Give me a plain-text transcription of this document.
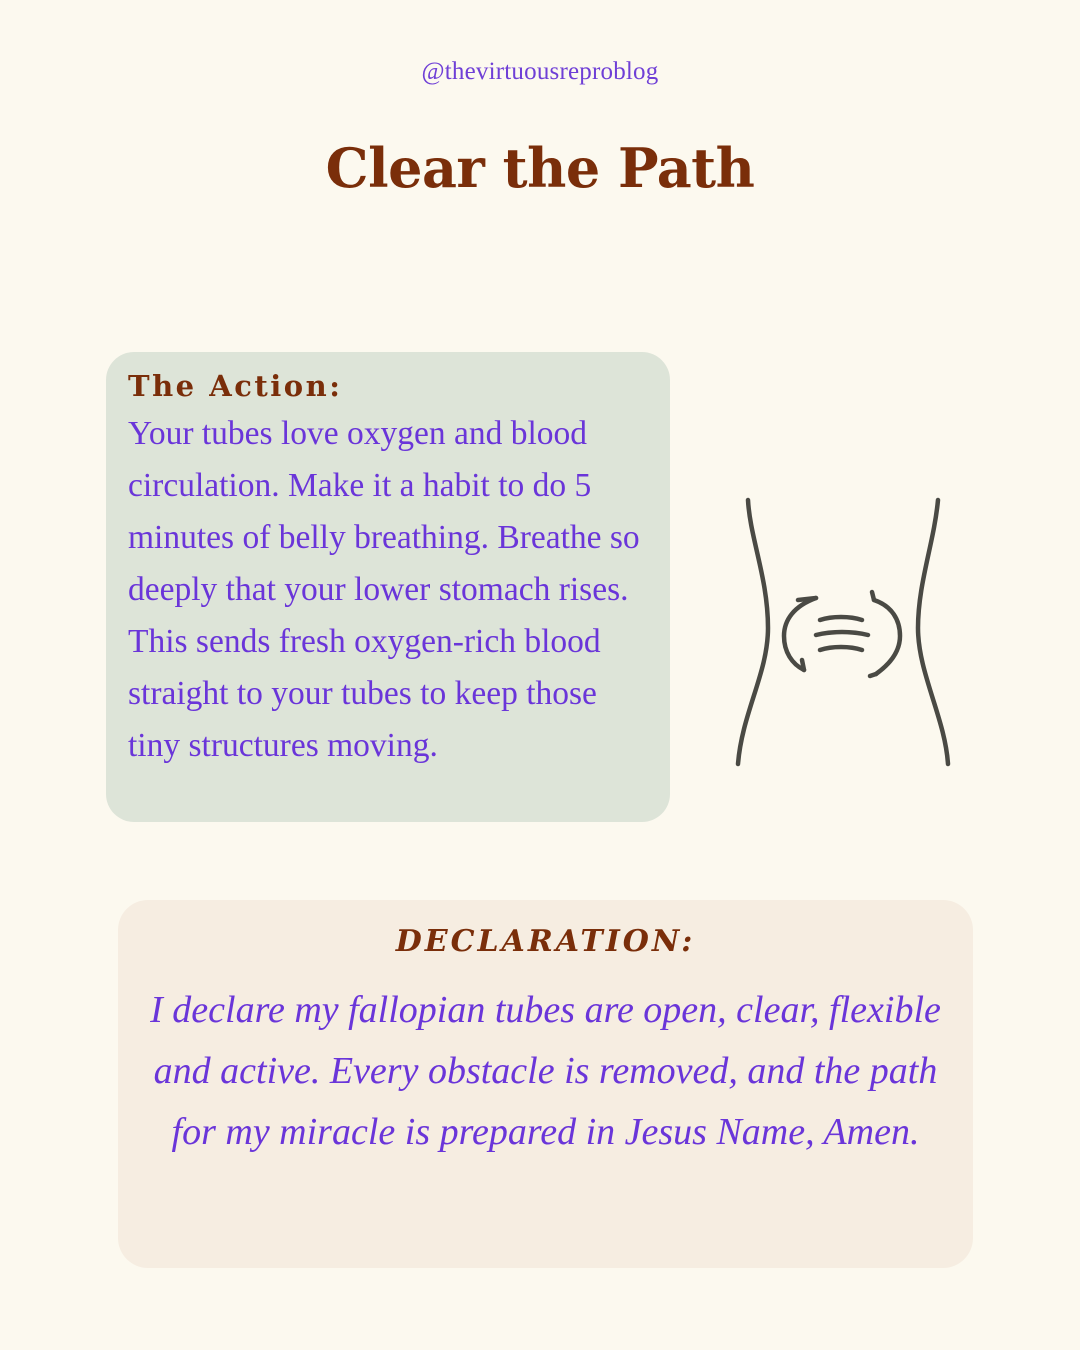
@thevirtuousreproblog
Clear the Path
The Action:
Your tubes love oxygen and blood circulation. Make it a habit to do 5 minutes of belly breathing. Breathe so deeply that your lower stomach rises. This sends fresh oxygen-rich blood straight to your tubes to keep those tiny structures moving.
DECLARATION:
I declare my fallopian tubes are open, clear, flexible and active. Every obstacle is removed, and the path for my miracle is prepared in Jesus Name, Amen.
